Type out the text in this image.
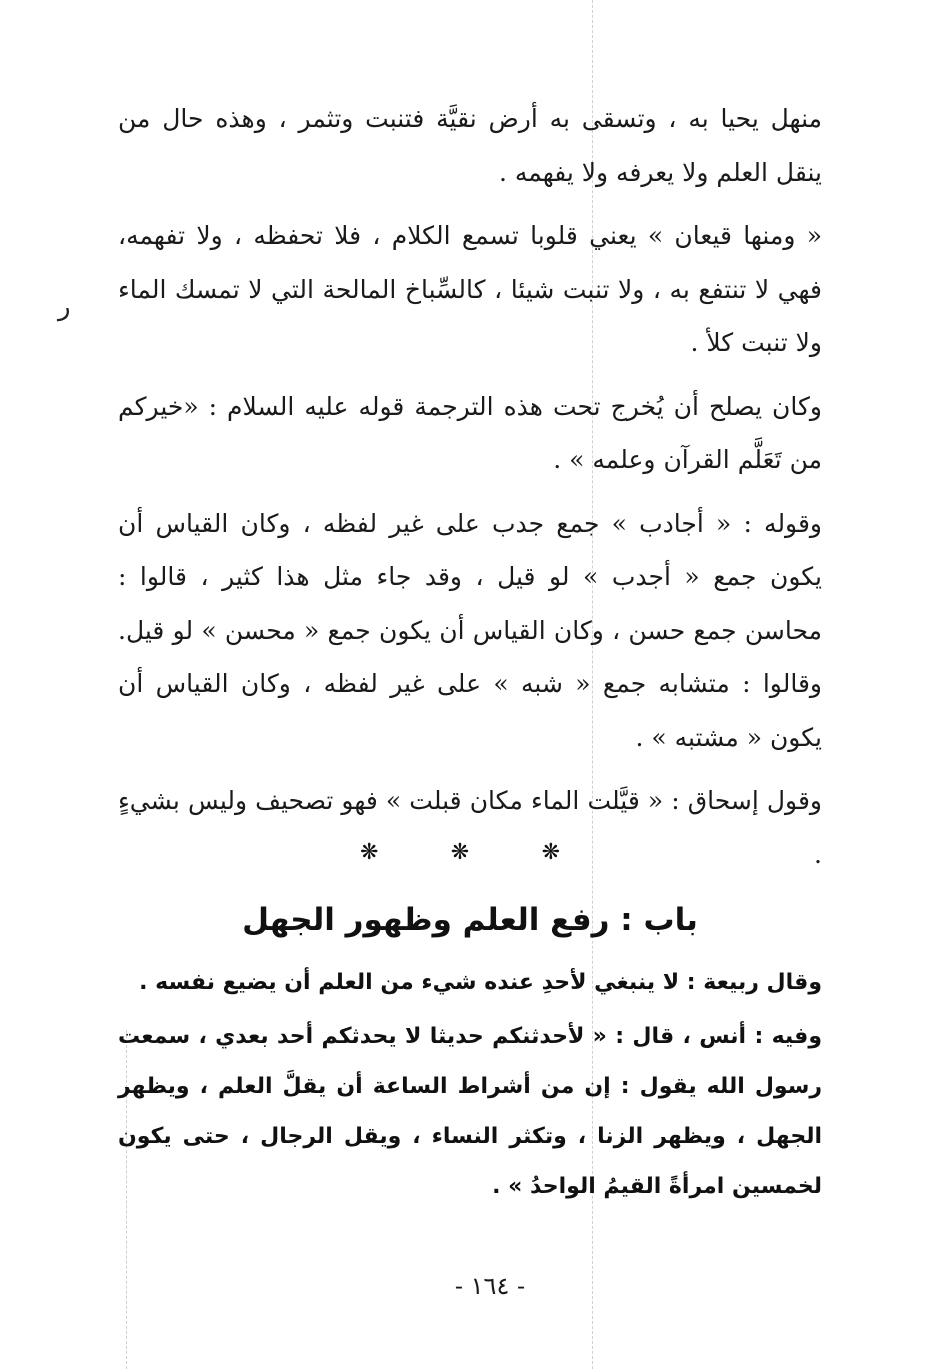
ر

منهل يحيا به ، وتسقى به أرض نقيَّة فتنبت وتثمر ، وهذه حال من ينقل العلم ولا يعرفه ولا يفهمه .

« ومنها قيعان » يعني قلوبا تسمع الكلام ، فلا تحفظه ، ولا تفهمه، فهي لا تنتفع به ، ولا تنبت شيئا ، كالسِّباخ المالحة التي لا تمسك الماء ولا تنبت كلأ .

وكان يصلح أن يُخرج تحت هذه الترجمة قوله عليه السلام : «خيركم من تَعَلَّم القرآن وعلمه » .

وقوله : « أجادب » جمع جدب على غير لفظه ، وكان القياس أن يكون جمع « أجدب » لو قيل ، وقد جاء مثل هذا كثير ، قالوا : محاسن جمع حسن ، وكان القياس أن يكون جمع « محسن » لو قيل. وقالوا : متشابه جمع « شبه » على غير لفظه ، وكان القياس أن يكون « مشتبه » .

وقول إسحاق : « قيَّلت الماء مكان قبلت » فهو تصحيف وليس بشيءٍ .

❋	❋	❋
باب : رفع العلم وظهور الجهل

وقال ربيعة : لا ينبغي لأحدِ عنده شيء من العلم أن يضيع نفسه .

وفيه : أنس ، قال : « لأحدثنكم حديثا لا يحدثكم أحد بعدي ، سمعت رسول الله يقول : إن من أشراط الساعة أن يقلَّ العلم ، ويظهر الجهل ، ويظهر الزنا ، وتكثر النساء ، ويقل الرجال ، حتى يكون لخمسين امرأةً القيمُ الواحدُ » .

- ١٦٤ -
